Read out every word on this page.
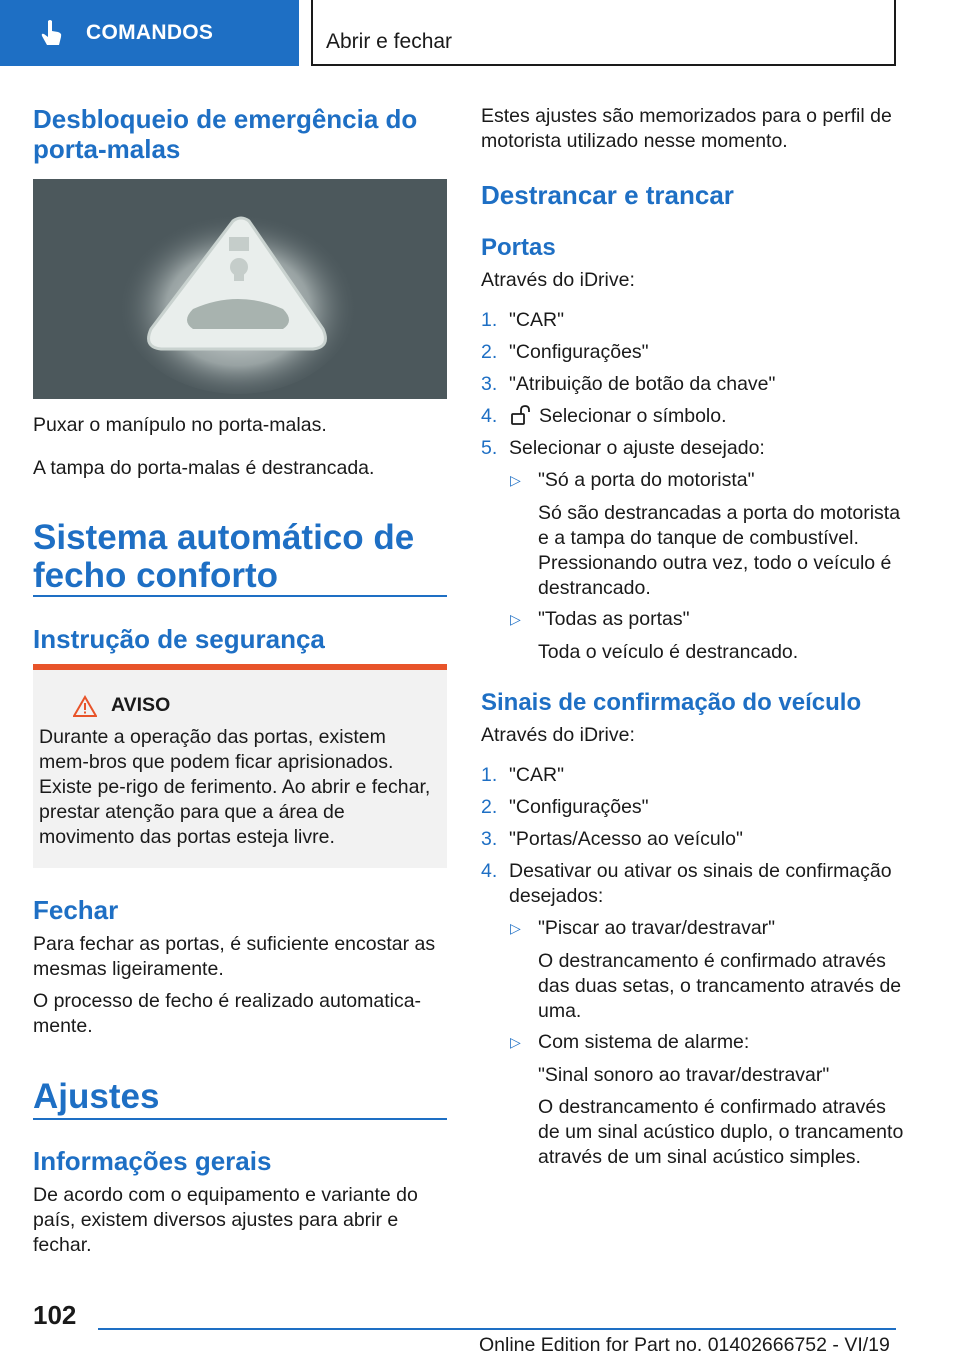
COMANDOS	Abrir e fechar
Desbloqueio de emergência do porta-malas
Puxar o manípulo no porta-malas.
A tampa do porta-malas é destrancada.
Sistema automático de fecho conforto
Instrução de segurança
AVISO
Durante a operação das portas, existem mem-bros que podem ficar aprisionados. Existe pe-rigo de ferimento. Ao abrir e fechar, prestar atenção para que a área de movimento das portas esteja livre.
Fechar
Para fechar as portas, é suficiente encostar as mesmas ligeiramente.
O processo de fecho é realizado automatica-mente.
Ajustes
Informações gerais
De acordo com o equipamento e variante do país, existem diversos ajustes para abrir e fechar.
Estes ajustes são memorizados para o perfil de motorista utilizado nesse momento.
Destrancar e trancar
Portas
Através do iDrive:
1. "CAR"
2. "Configurações"
3. "Atribuição de botão da chave"
4. Selecionar o símbolo.
5. Selecionar o ajuste desejado:
▷ "Só a porta do motorista"
Só são destrancadas a porta do motorista e a tampa do tanque de combustível. Pressionando outra vez, todo o veículo é destrancado.
▷ "Todas as portas"
Toda o veículo é destrancado.
Sinais de confirmação do veículo
Através do iDrive:
1. "CAR"
2. "Configurações"
3. "Portas/Acesso ao veículo"
4. Desativar ou ativar os sinais de confirmação desejados:
▷ "Piscar ao travar/destravar"
O destrancamento é confirmado através das duas setas, o trancamento através de uma.
▷ Com sistema de alarme:
"Sinal sonoro ao travar/destravar"
O destrancamento é confirmado através de um sinal acústico duplo, o trancamento através de um sinal acústico simples.
102
Online Edition for Part no. 01402666752 - VI/19
